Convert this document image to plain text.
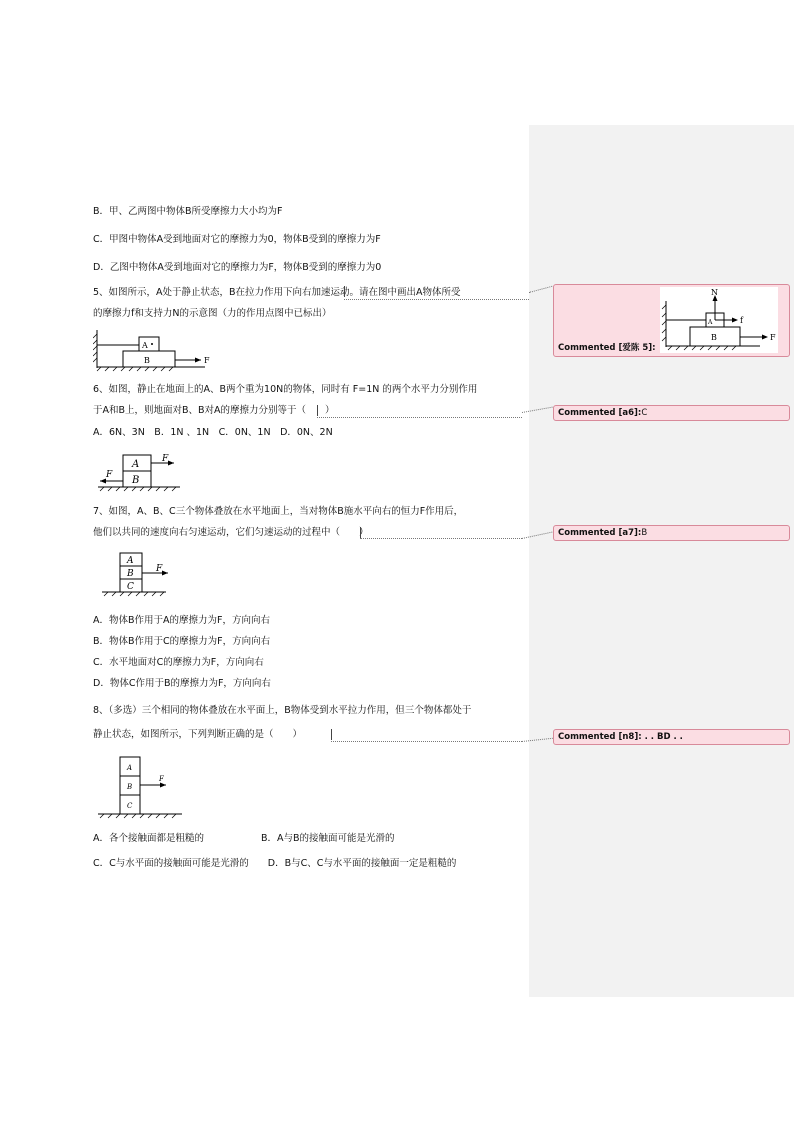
B．甲、乙两图中物体B所受摩擦力大小均为F
C．甲图中物体A受到地面对它的摩擦力为0，物体B受到的摩擦力为F
D．乙图中物体A受到地面对它的摩擦力为F，物体B受到的摩擦力为0
5、如图所示，A处于静止状态，B在拉力作用下向右加速运动。请在图中画出A物体所受
的摩擦力f和支持力N的示意图（力的作用点图中已标出）
A
B	F
6、如图，静止在地面上的A、B两个重为10N的物体，同时有 F=1N 的两个水平力分别作用
于A和B上，则地面对B、B对A的摩擦力分别等于（　　）
A．6N、3N　B．1N 、1N　C．0N、1N　D．0N、2N
A
B
F
F
7、如图，A、B、C三个物体叠放在水平地面上，当对物体B施水平向右的恒力F作用后，
他们以共同的速度向右匀速运动，它们匀速运动的过程中（　　）
A
B
C
F
A．物体B作用于A的摩擦力为F，方向向右
B．物体B作用于C的摩擦力为F，方向向右
C．水平地面对C的摩擦力为F，方向向右
D．物体C作用于B的摩擦力为F，方向向右
8、（多选）三个相同的物体叠放在水平面上，B物体受到水平拉力作用，但三个物体都处于
静止状态，如图所示，下列判断正确的是（　　）
A
B
C
F
A．各个接触面都是粗糙的　　　　　　B．A与B的接触面可能是光滑的
C．C与水平面的接触面可能是光滑的　　D．B与C、C与水平面的接触面一定是粗糙的
Commented [爱陈 5]:
A
B
N
f
F
Commented [a6]:C
Commented [a7]:B
Commented [n8]: . . BD . .
